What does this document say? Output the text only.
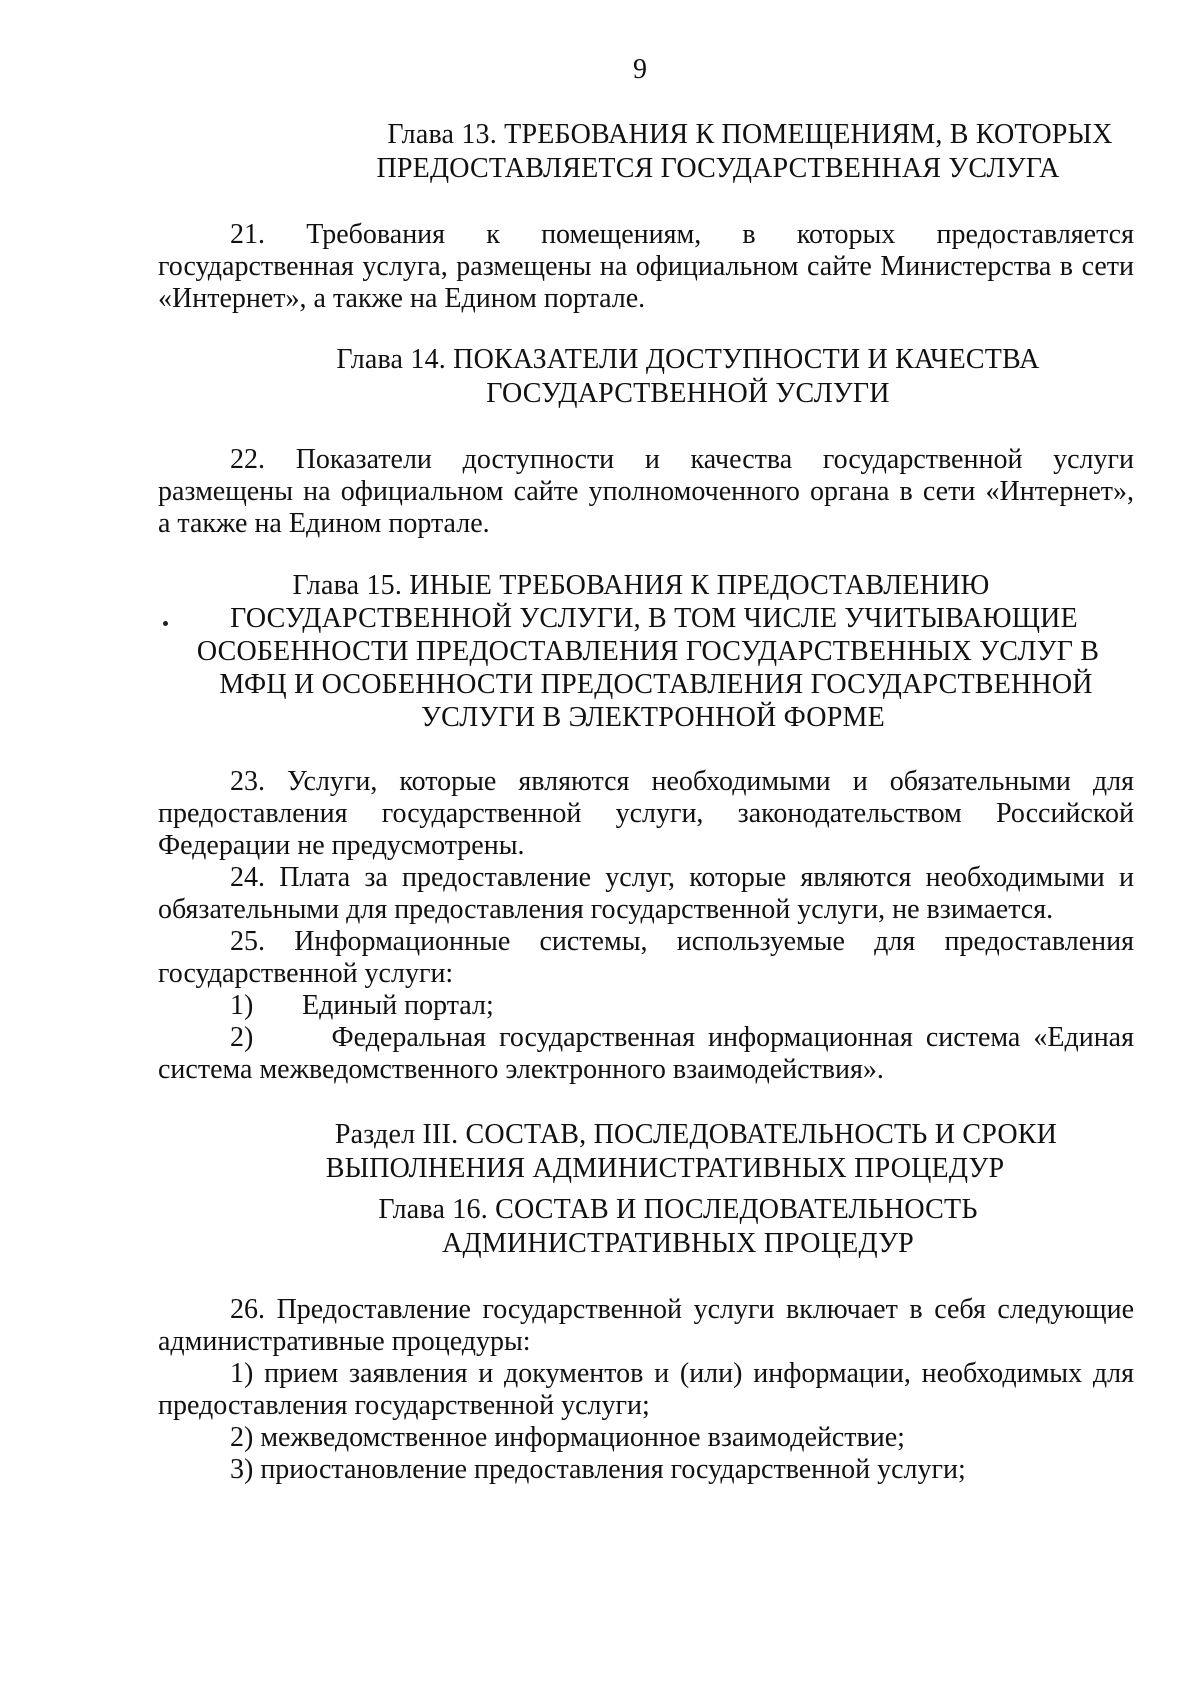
9
Глава 13. ТРЕБОВАНИЯ К ПОМЕЩЕНИЯМ, В КОТОРЫХ
ПРЕДОСТАВЛЯЕТСЯ ГОСУДАРСТВЕННАЯ УСЛУГА
21. Требования к помещениям, в которых предоставляется
государственная услуга, размещены на официальном сайте Министерства в сети
«Интернет», а также на Едином портале.
Глава 14. ПОКАЗАТЕЛИ ДОСТУПНОСТИ И КАЧЕСТВА
ГОСУДАРСТВЕННОЙ УСЛУГИ
22. Показатели доступности и качества государственной услуги
размещены на официальном сайте уполномоченного органа в сети «Интернет»,
а также на Едином портале.
Глава 15. ИНЫЕ ТРЕБОВАНИЯ К ПРЕДОСТАВЛЕНИЮ
ГОСУДАРСТВЕННОЙ УСЛУГИ, В ТОМ ЧИСЛЕ УЧИТЫВАЮЩИЕ
ОСОБЕННОСТИ ПРЕДОСТАВЛЕНИЯ ГОСУДАРСТВЕННЫХ УСЛУГ В
МФЦ И ОСОБЕННОСТИ ПРЕДОСТАВЛЕНИЯ ГОСУДАРСТВЕННОЙ
УСЛУГИ В ЭЛЕКТРОННОЙ ФОРМЕ
23. Услуги, которые являются необходимыми и обязательными для
предоставления государственной услуги, законодательством Российской
Федерации не предусмотрены.
24. Плата за предоставление услуг, которые являются необходимыми и
обязательными для предоставления государственной услуги, не взимается.
25. Информационные системы, используемые для предоставления
государственной услуги:
1) Единый портал;
2)	Федеральная государственная информационная система «Единая
система межведомственного электронного взаимодействия».
Раздел III. СОСТАВ, ПОСЛЕДОВАТЕЛЬНОСТЬ И СРОКИ
ВЫПОЛНЕНИЯ АДМИНИСТРАТИВНЫХ ПРОЦЕДУР
Глава 16. СОСТАВ И ПОСЛЕДОВАТЕЛЬНОСТЬ
АДМИНИСТРАТИВНЫХ ПРОЦЕДУР
26. Предоставление государственной услуги включает в себя следующие
административные процедуры:
1) прием заявления и документов и (или) информации, необходимых для
предоставления государственной услуги;
2) межведомственное информационное взаимодействие;
3) приостановление предоставления государственной услуги;
